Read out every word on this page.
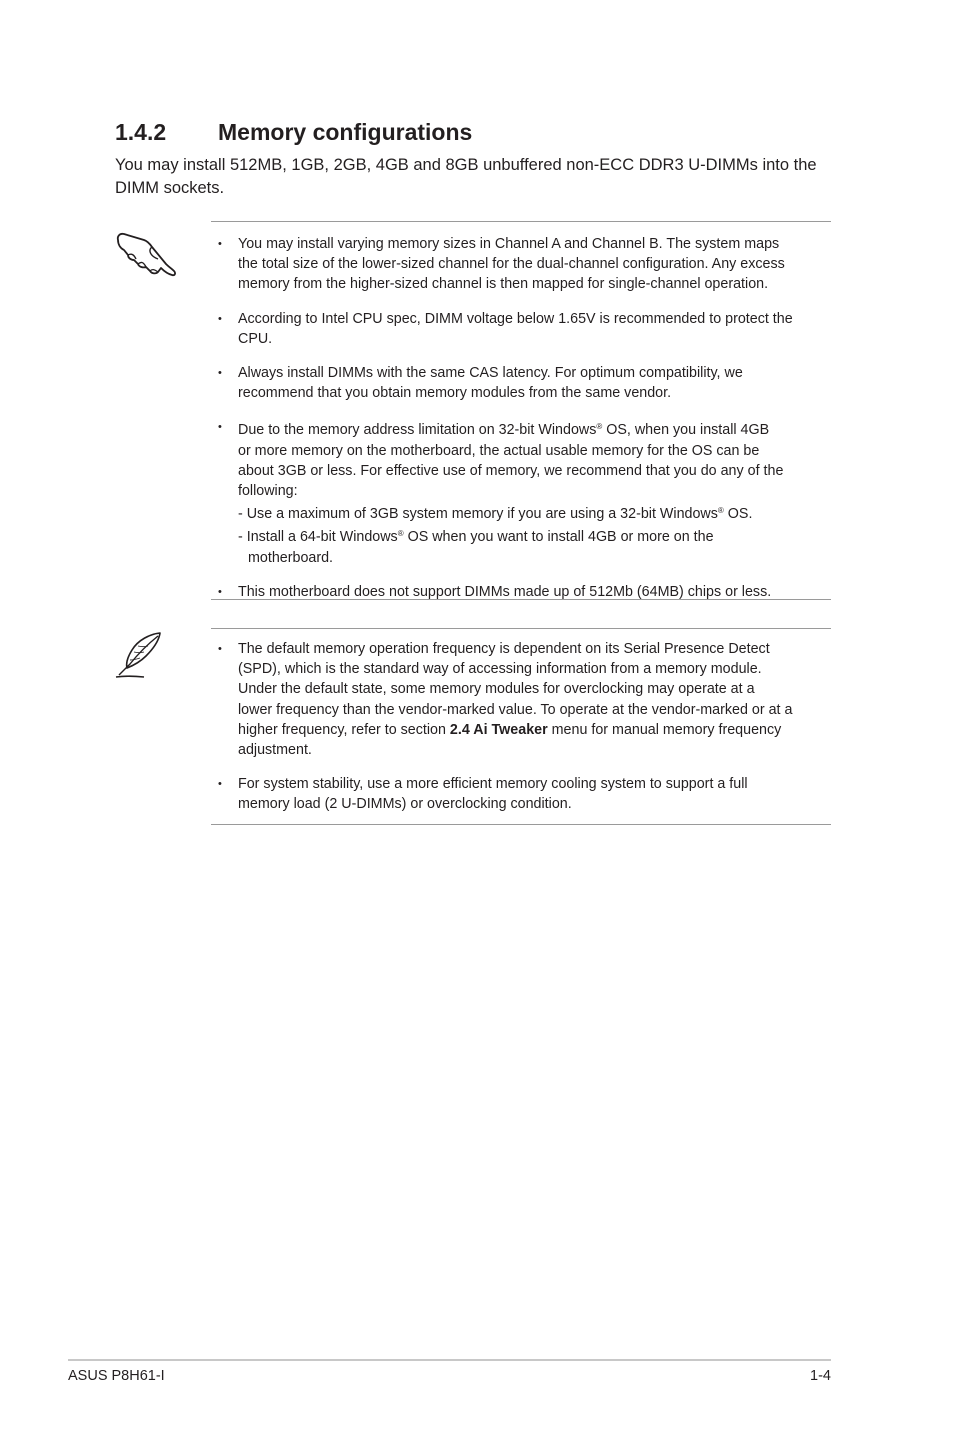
1.4.2 Memory configurations
You may install 512MB, 1GB, 2GB, 4GB and 8GB unbuffered non-ECC DDR3 U-DIMMs into the DIMM sockets.
• You may install varying memory sizes in Channel A and Channel B. The system maps
the total size of the lower-sized channel for the dual-channel configuration. Any excess
memory from the higher-sized channel is then mapped for single-channel operation.
• According to Intel CPU spec, DIMM voltage below 1.65V is recommended to protect the
CPU.
• Always install DIMMs with the same CAS latency. For optimum compatibility, we
recommend that you obtain memory modules from the same vendor.
• Due to the memory address limitation on 32-bit Windows® OS, when you install 4GB
or more memory on the motherboard, the actual usable memory for the OS can be
about 3GB or less. For effective use of memory, we recommend that you do any of the
following:
- Use a maximum of 3GB system memory if you are using a 32-bit Windows® OS.
- Install a 64-bit Windows® OS when you want to install 4GB or more on the
motherboard.
• This motherboard does not support DIMMs made up of 512Mb (64MB) chips or less.
• The default memory operation frequency is dependent on its Serial Presence Detect
(SPD), which is the standard way of accessing information from a memory module.
Under the default state, some memory modules for overclocking may operate at a
lower frequency than the vendor-marked value. To operate at the vendor-marked or at a
higher frequency, refer to section 2.4 Ai Tweaker menu for manual memory frequency
adjustment.
• For system stability, use a more efficient memory cooling system to support a full
memory load (2 U-DIMMs) or overclocking condition.
ASUS P8H61-I	1-4
